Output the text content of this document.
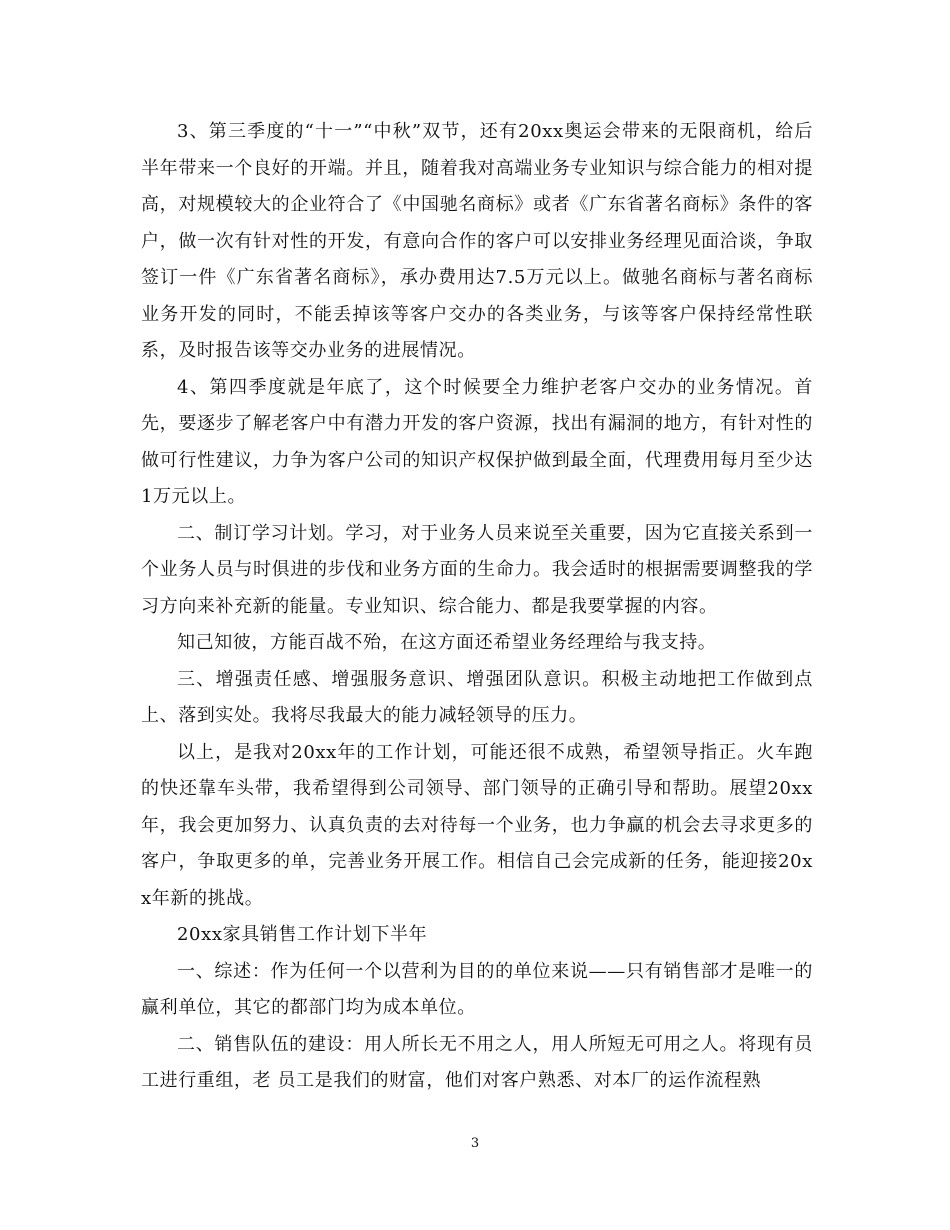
3、第三季度的“十一”“中秋”双节，还有20xx奥运会带来的无限商机，给后半年带来一个良好的开端。并且，随着我对高端业务专业知识与综合能力的相对提高，对规模较大的企业符合了《中国驰名商标》或者《广东省著名商标》条件的客户，做一次有针对性的开发，有意向合作的客户可以安排业务经理见面洽谈，争取签订一件《广东省著名商标》，承办费用达7.5万元以上。做驰名商标与著名商标业务开发的同时，不能丢掉该等客户交办的各类业务，与该等客户保持经常性联系，及时报告该等交办业务的进展情况。

4、第四季度就是年底了，这个时候要全力维护老客户交办的业务情况。首先，要逐步了解老客户中有潜力开发的客户资源，找出有漏洞的地方，有针对性的做可行性建议，力争为客户公司的知识产权保护做到最全面，代理费用每月至少达1万元以上。

二、制订学习计划。学习，对于业务人员来说至关重要，因为它直接关系到一个业务人员与时俱进的步伐和业务方面的生命力。我会适时的根据需要调整我的学习方向来补充新的能量。专业知识、综合能力、都是我要掌握的内容。

知己知彼，方能百战不殆，在这方面还希望业务经理给与我支持。

三、增强责任感、增强服务意识、增强团队意识。积极主动地把工作做到点上、落到实处。我将尽我最大的能力减轻领导的压力。

以上，是我对20xx年的工作计划，可能还很不成熟，希望领导指正。火车跑的快还靠车头带，我希望得到公司领导、部门领导的正确引导和帮助。展望20xx年，我会更加努力、认真负责的去对待每一个业务，也力争赢的机会去寻求更多的客户，争取更多的单，完善业务开展工作。相信自己会完成新的任务，能迎接20xx年新的挑战。

20xx家具销售工作计划下半年

一、综述：作为任何一个以营利为目的的单位来说——只有销售部才是唯一的赢利单位，其它的都部门均为成本单位。

二、销售队伍的建设：用人所长无不用之人，用人所短无可用之人。将现有员工进行重组，老 员工是我们的财富，他们对客户熟悉、对本厂的运作流程熟

3
